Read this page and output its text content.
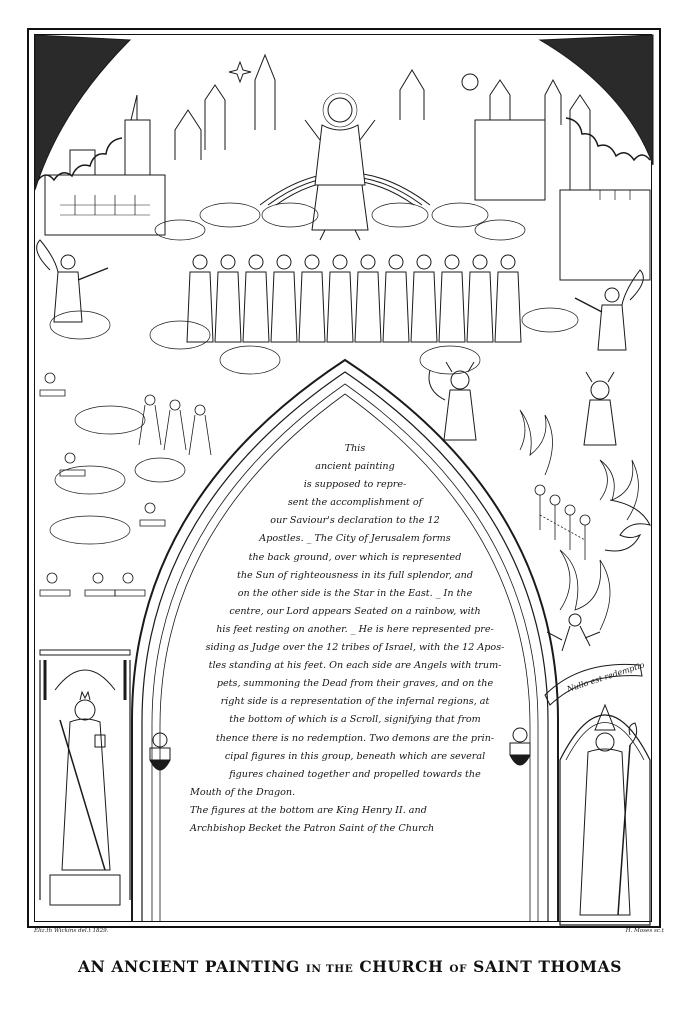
Nullo est redemptio
This
ancient painting
is supposed to repre-
sent the accomplishment of
our Saviour's declaration to the 12
Apostles. _ The City of Jerusalem forms
the back ground, over which is represented
the Sun of righteousness in its full splendor, and
on the other side is the Star in the East. _ In the
centre, our Lord appears Seated on a rainbow, with
his feet resting on another. _ He is here represented pre-
siding as Judge over the 12 tribes of Israel, with the 12 Apos-
tles standing at his feet. On each side are Angels with trum-
pets, summoning the Dead from their graves, and on the
right side is a representation of the infernal regions, at
the bottom of which is a Scroll, signifying that from
thence there is no redemption. Two demons are the prin-
cipal figures in this group, beneath which are several
figures chained together and propelled towards the
Mouth of the Dragon.
The figures at the bottom are King Henry II. and
Archbishop Becket the Patron Saint of the Church
Eliz.th Wickins del.t 1829.	H. Moses sc.t
AN ANCIENT PAINTING IN THE CHURCH OF SAINT THOMAS
